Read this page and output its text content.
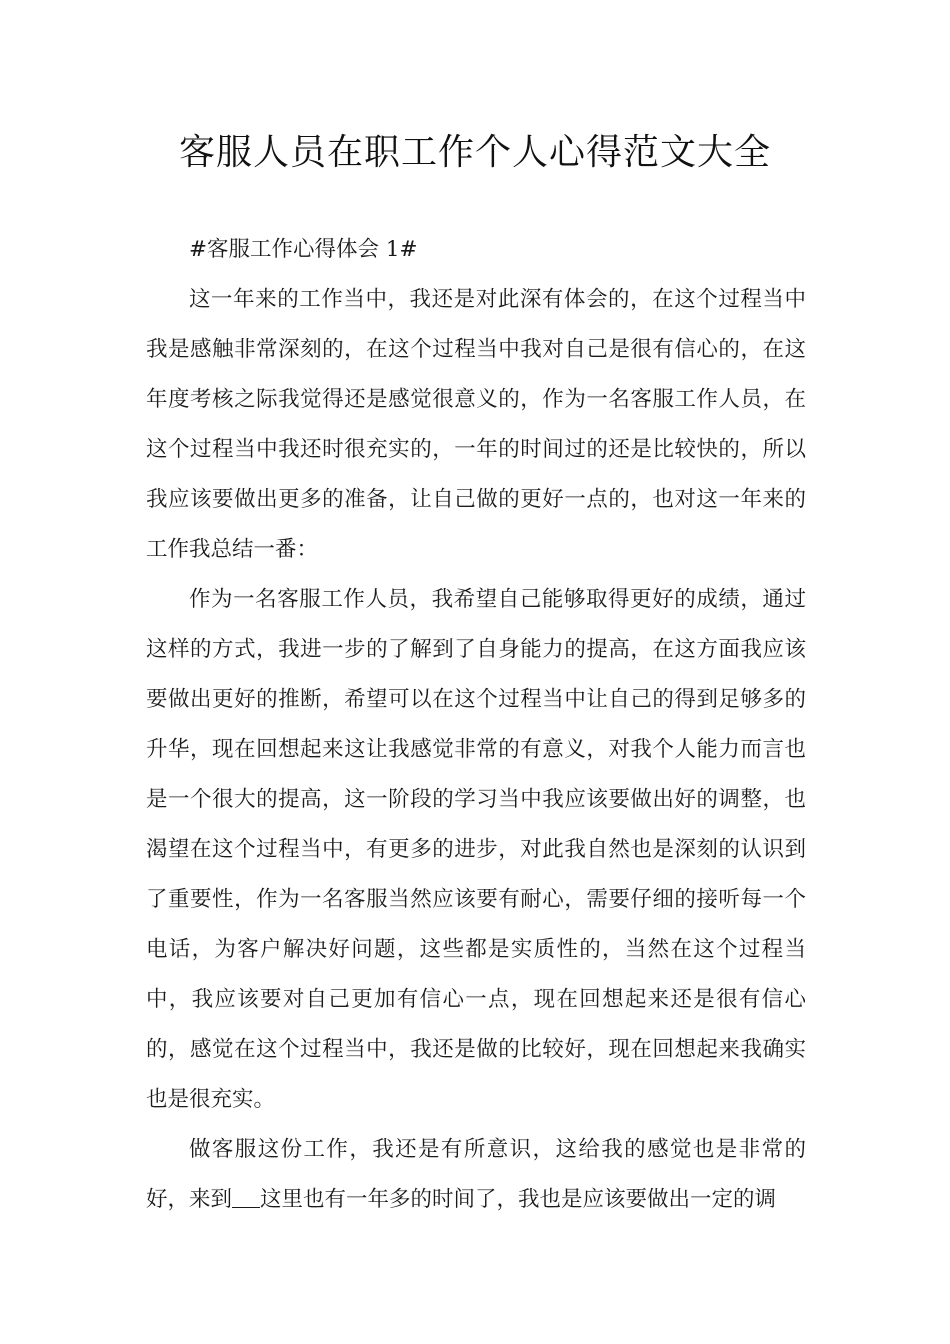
客服人员在职工作个人心得范文大全

#客服工作心得体会 1#

这一年来的工作当中，我还是对此深有体会的，在这个过程当中我是感触非常深刻的，在这个过程当中我对自己是很有信心的，在这年度考核之际我觉得还是感觉很意义的，作为一名客服工作人员，在这个过程当中我还时很充实的，一年的时间过的还是比较快的，所以我应该要做出更多的准备，让自己做的更好一点的，也对这一年来的工作我总结一番：

作为一名客服工作人员，我希望自己能够取得更好的成绩，通过这样的方式，我进一步的了解到了自身能力的提高，在这方面我应该要做出更好的推断，希望可以在这个过程当中让自己的得到足够多的升华，现在回想起来这让我感觉非常的有意义，对我个人能力而言也是一个很大的提高，这一阶段的学习当中我应该要做出好的调整，也渴望在这个过程当中，有更多的进步，对此我自然也是深刻的认识到了重要性，作为一名客服当然应该要有耐心，需要仔细的接听每一个电话，为客户解决好问题，这些都是实质性的，当然在这个过程当中，我应该要对自己更加有信心一点，现在回想起来还是很有信心的，感觉在这个过程当中，我还是做的比较好，现在回想起来我确实也是很充实。

做客服这份工作，我还是有所意识，这给我的感觉也是非常的好，来到 这里也有一年多的时间了，我也是应该要做出一定的调
